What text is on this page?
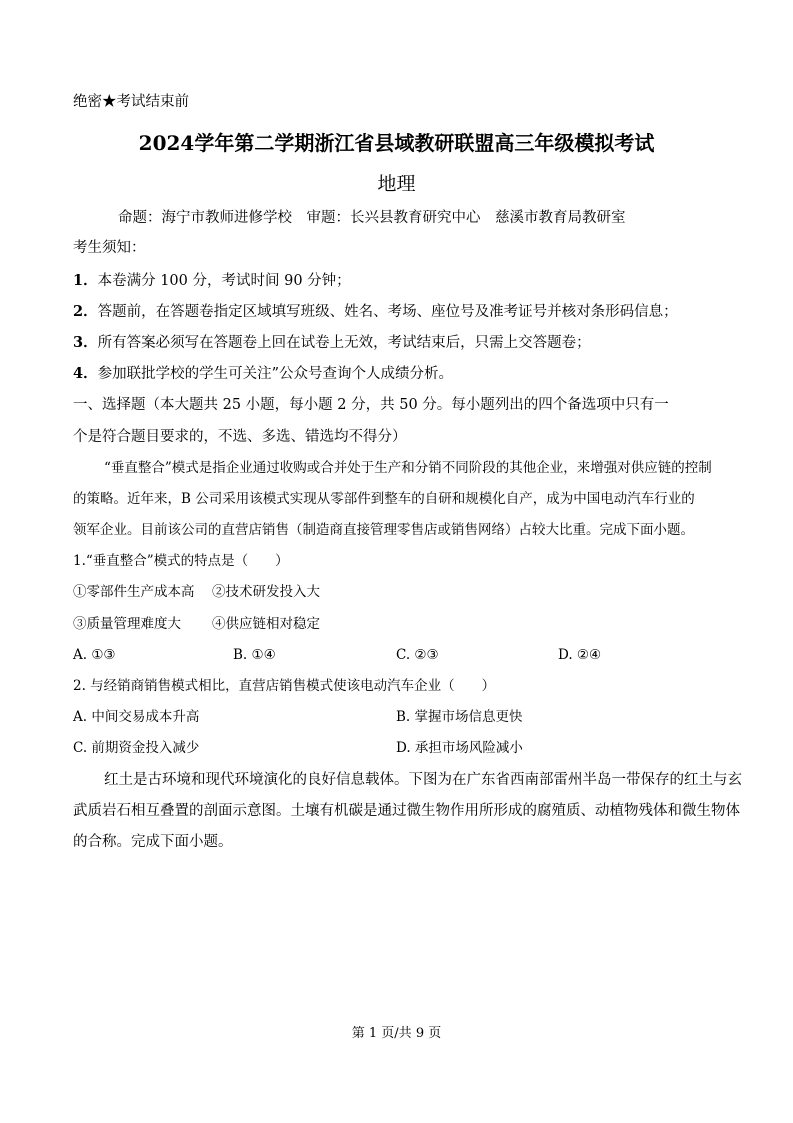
绝密★考试结束前
2024学年第二学期浙江省县域教研联盟高三年级模拟考试
地理
命题：海宁市教师进修学校　审题：长兴县教育研究中心　慈溪市教育局教研室
考生须知：
1．本卷满分 100 分，考试时间 90 分钟；
2．答题前，在答题卷指定区域填写班级、姓名、考场、座位号及准考证号并核对条形码信息；
3．所有答案必须写在答题卷上回在试卷上无效，考试结束后，只需上交答题卷；
4．参加联批学校的学生可关注”公众号查询个人成绩分析。
一、选择题（本大题共 25 小题，每小题 2 分，共 50 分。每小题列出的四个备选项中只有一
个是符合题目要求的，不选、多选、错选均不得分）
“垂直整合”模式是指企业通过收购或合并处于生产和分销不同阶段的其他企业，来增强对供应链的控制
的策略。近年来，B 公司采用该模式实现从零部件到整车的自研和规模化自产，成为中国电动汽车行业的
领军企业。目前该公司的直营店销售（制造商直接管理零售店或销售网络）占较大比重。完成下面小题。
1.“垂直整合”模式的特点是（　　）
①零部件生产成本高 ②技术研发投入大
③质量管理难度大 ④供应链相对稳定
A. ①③	B. ①④	C. ②③	D. ②④
2. 与经销商销售模式相比，直营店销售模式使该电动汽车企业（　　）
A. 中间交易成本升高	B. 掌握市场信息更快
C. 前期资金投入减少	D. 承担市场风险减小
红土是古环境和现代环境演化的良好信息载体。下图为在广东省西南部雷州半岛一带保存的红土与玄
武质岩石相互叠置的剖面示意图。土壤有机碳是通过微生物作用所形成的腐殖质、动植物残体和微生物体
的合称。完成下面小题。
第 1 页/共 9 页
